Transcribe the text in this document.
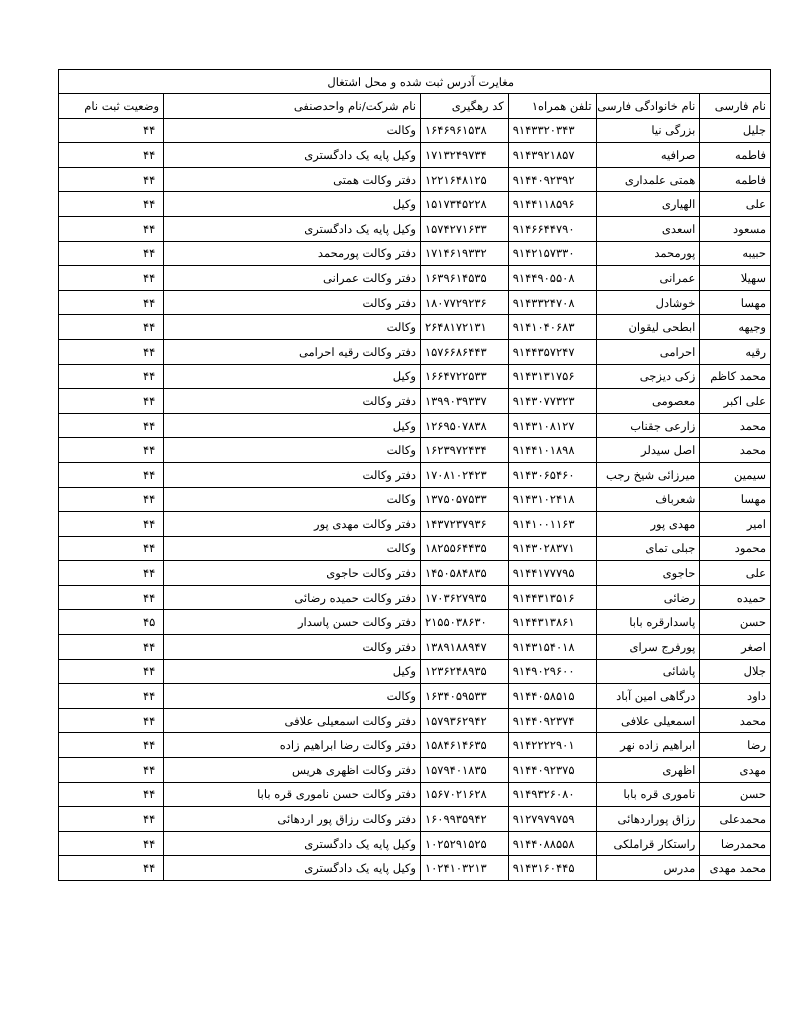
مغایرت آدرس ثبت شده و محل اشتغال					
نام فارسی	نام خانوادگی فارسی	تلفن همراه۱	کد رهگیری	نام شرکت/نام واحدصنفی	وضعیت ثبت نام
جلیل	بزرگی نیا	۹۱۴۳۳۲۰۳۴۳	۱۶۴۶۹۶۱۵۳۸	وکالت	۴۴
فاطمه	صرافیه	۹۱۴۳۹۲۱۸۵۷	۱۷۱۳۲۴۹۷۳۴	وکیل پایه یک دادگستری	۴۴
فاطمه	همتی علمداری	۹۱۴۴۰۹۲۳۹۲	۱۲۲۱۶۴۸۱۲۵	دفتر وکالت همتی	۴۴
علی	الهیاری	۹۱۴۴۱۱۸۵۹۶	۱۵۱۷۳۴۵۲۲۸	وکیل	۴۴
مسعود	اسعدی	۹۱۴۶۶۴۴۷۹۰	۱۵۷۴۲۷۱۶۳۳	وکیل پایه یک دادگستری	۴۴
حبیبه	پورمحمد	۹۱۴۲۱۵۷۳۳۰	۱۷۱۴۶۱۹۳۳۲	دفتر وکالت پورمحمد	۴۴
سهیلا	عمرانی	۹۱۴۴۹۰۵۵۰۸	۱۶۳۹۶۱۴۵۳۵	دفتر وکالت عمرانی	۴۴
مهسا	خوشادل	۹۱۴۳۳۲۴۷۰۸	۱۸۰۷۷۲۹۲۳۶	دفتر وکالت	۴۴
وجیهه	ابطحی لیقوان	۹۱۴۱۰۴۰۶۸۳	۲۶۴۸۱۷۲۱۳۱	وکالت	۴۴
رقیه	احرامی	۹۱۴۴۳۵۷۲۴۷	۱۵۷۶۶۸۶۴۴۳	دفتر وکالت رقیه احرامی	۴۴
محمد کاظم	زکی دیزجی	۹۱۴۳۱۳۱۷۵۶	۱۶۶۴۷۲۲۵۳۳	وکیل	۴۴
علی اکبر	معصومی	۹۱۴۳۰۷۷۳۲۳	۱۳۹۹۰۳۹۳۳۷	دفتر وکالت	۴۴
محمد	زارعی جقناب	۹۱۴۳۱۰۸۱۲۷	۱۲۶۹۵۰۷۸۳۸	وکیل	۴۴
محمد	اصل سیدلر	۹۱۴۴۱۰۱۸۹۸	۱۶۲۳۹۷۲۴۳۴	وکالت	۴۴
سیمین	میرزائی شیخ رجب	۹۱۴۳۰۶۵۴۶۰	۱۷۰۸۱۰۲۴۲۳	دفتر وکالت	۴۴
مهسا	شعرباف	۹۱۴۳۱۰۲۴۱۸	۱۳۷۵۰۵۷۵۳۳	وکالت	۴۴
امیر	مهدی پور	۹۱۴۱۰۰۱۱۶۳	۱۴۳۷۲۳۷۹۳۶	دفتر وکالت مهدی پور	۴۴
محمود	جبلی تمای	۹۱۴۳۰۲۸۳۷۱	۱۸۲۵۵۶۴۴۳۵	وکالت	۴۴
علی	حاجوی	۹۱۴۴۱۷۷۷۹۵	۱۴۵۰۵۸۴۸۳۵	دفتر وکالت حاجوی	۴۴
حمیده	رضائی	۹۱۴۴۳۱۳۵۱۶	۱۷۰۳۶۲۷۹۳۵	دفتر وکالت حمیده رضائی	۴۴
حسن	پاسدارقره بابا	۹۱۴۴۳۱۳۸۶۱	۲۱۵۵۰۳۸۶۳۰	دفتر وکالت حسن پاسدار	۴۵
اصغر	پورفرج سرای	۹۱۴۳۱۵۴۰۱۸	۱۳۸۹۱۸۸۹۴۷	دفتر وکالت	۴۴
جلال	پاشائی	۹۱۴۹۰۲۹۶۰۰	۱۲۳۶۲۴۸۹۳۵	وکیل	۴۴
داود	درگاهی امین آباد	۹۱۴۴۰۵۸۵۱۵	۱۶۳۴۰۵۹۵۳۳	وکالت	۴۴
محمد	اسمعیلی علافی	۹۱۴۴۰۹۲۳۷۴	۱۵۷۹۳۶۲۹۴۲	دفتر وکالت اسمعیلی علافی	۴۴
رضا	ابراهیم زاده نهر	۹۱۴۲۲۲۲۹۰۱	۱۵۸۴۶۱۴۶۳۵	دفتر وکالت رضا ابراهیم زاده	۴۴
مهدی	اظهری	۹۱۴۴۰۹۲۳۷۵	۱۵۷۹۴۰۱۸۳۵	دفتر وکالت اظهری هریس	۴۴
حسن	ناموری قره بابا	۹۱۴۹۳۲۶۰۸۰	۱۵۶۷۰۲۱۶۲۸	دفتر وکالت حسن ناموری قره بابا	۴۴
محمدعلی	رزاق پوراردهائی	۹۱۲۷۹۷۹۷۵۹	۱۶۰۹۹۳۵۹۴۲	دفتر وکالت رزاق پور اردهائی	۴۴
محمدرضا	راستکار قراملکی	۹۱۴۴۰۸۸۵۵۸	۱۰۲۵۲۹۱۵۲۵	وکیل پایه یک دادگستری	۴۴
محمد مهدی	مدرس	۹۱۴۳۱۶۰۴۴۵	۱۰۲۴۱۰۳۲۱۳	وکیل پایه یک دادگستری	۴۴
